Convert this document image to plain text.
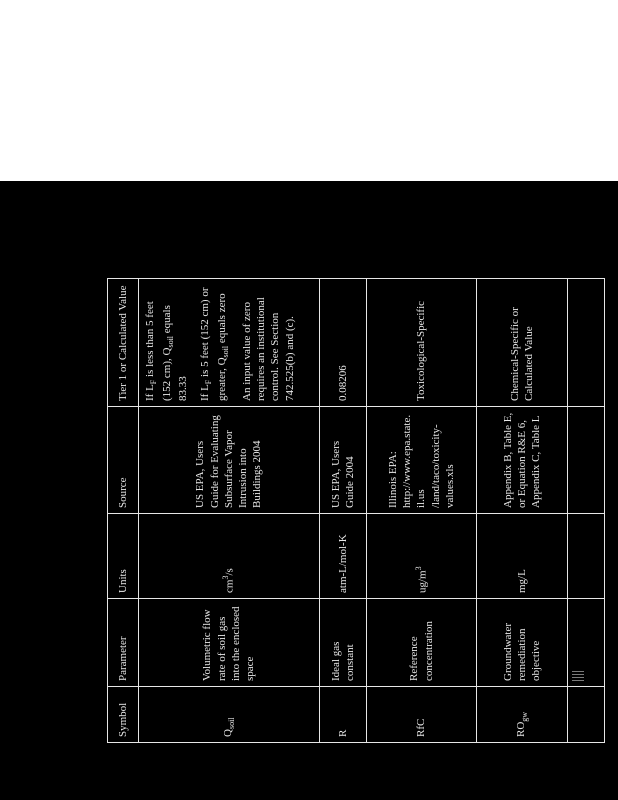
Symbol	Parameter	Units	Source	Tier 1 or Calculated Value
$Q_{soil}$	Volumetric flow rate of soil gas into the enclosed space	$cm^3/s$	US EPA, Users Guide for Evaluating Subsurface Vapor Intrusion into Buildings 2004	If $L_F$ is less than 5 feet (152 cm), $Q_{soil}$ equals 83.33 If $L_F$ is 5 feet (152 cm) or greater, $Q_{soil}$ equals zero An input value of zero requires an institutional control. See Section 742.525(b) and (c).

R	Ideal gas constant	atm-L/mol-K	US EPA, Users Guide 2004	0.08206
RfC	Reference concentration	$ug/m^3$	Illinois EPA: http://www.epa.state.il.us /land/taco/toxicity-values.xls	Toxicological-Specific
$RO_{gw}$	Groundwater remediation objective	mg/L	Appendix B, Table E, or Equation R&E 6, Appendix C, Table L	Chemical-Specific or Calculated Value
